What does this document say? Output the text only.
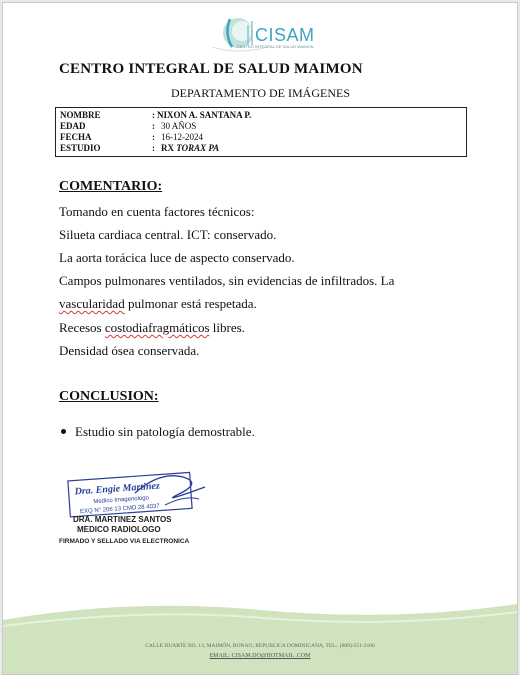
CISAM
CENTRO INTEGRAL DE SALUD MAIMON
CENTRO INTEGRAL DE SALUD MAIMON
DEPARTAMENTO DE IMÁGENES
NOMBRE	: NIXON A. SANTANA P.
EDAD	: 30 AÑOS
FECHA	: 16-12-2024
ESTUDIO	: RX TORAX PA
COMENTARIO:
Tomando en cuenta factores técnicos:
Silueta cardiaca central. ICT: conservado.
La aorta torácica luce de aspecto conservado.
Campos pulmonares ventilados, sin evidencias de infiltrados. La
vascularidad pulmonar está respetada.
Recesos costodiafragmáticos libres.
Densidad ósea conservada.
CONCLUSION:
Estudio sin patología demostrable.
Dra. Engie Martinez
Medico Imagenologo
EXQ N° 206 13 CMD 28 4037
DRA. MARTINEZ SANTOS
MEDICO RADIOLOGO
FIRMADO Y SELLADO VIA ELECTRONICA
CALLE DUARTE NO. 13, MAIMÓN, BONAO, REPUBLICA DOMINICANA, TEL.: (809)-551-2106
EMAIL: CISAM.DO@HOTMAIL .COM
